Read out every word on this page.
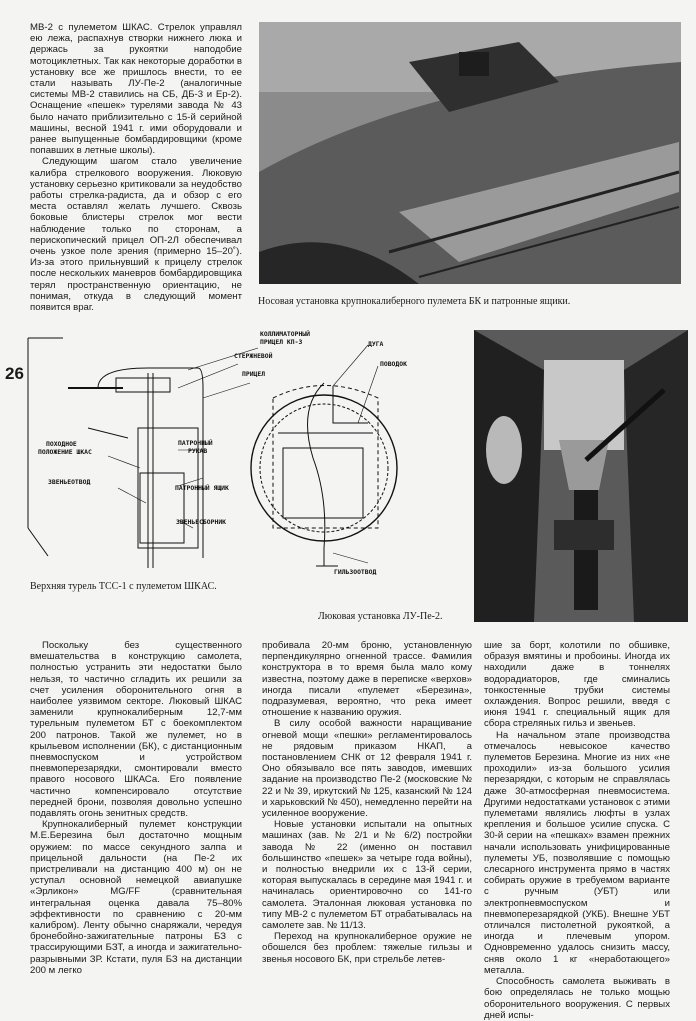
МВ-2 с пулеметом ШКАС. Стрелок управлял ею лежа, распахнув створки нижнего люка и держась за рукоятки наподобие мотоциклетных. Так как некоторые доработки в установку все же пришлось внести, то ее стали называть ЛУ-Пе-2 (аналогичные системы МВ-2 ставились на СБ, ДБ-3 и Ер-2). Оснащение «пешек» турелями завода № 43 было начато приблизительно с 15-й серийной машины, весной 1941 г. ими оборудовали и ранее выпущенные бомбардировщики (кроме попавших в летные школы).

Следующим шагом стало увеличение калибра стрелкового вооружения. Люковую установку серьезно критиковали за неудобство работы стрелка-радиста, да и обзор с его места оставлял желать лучшего. Сквозь боковые блистеры стрелок мог вести наблюдение только по сторонам, а перископический прицел ОП-2Л обеспечивал очень узкое поле зрения (примерно 15–20˚). Из-за этого прильнувший к прицелу стрелок после нескольких маневров бомбардировщика терял пространственную ориентацию, не понимая, откуда в следующий момент появится враг.

Носовая установка крупнокалиберного пулемета БК и патронные ящики.
26
КОЛЛИМАТОРНЫЙ
ПРИЦЕЛ КП-3
СТЕРЖНЕВОЙ
ПРИЦЕЛ
ПОХОДНОЕ
ПОЛОЖЕНИЕ ШКАС
ЗВЕНЬЕОТВОД
ПАТРОННЫЙ
РУКАВ
ПАТРОННЫЙ ЯЩИК
ЗВЕНЬЕСБОРНИК
ДУГА
ПОВОДОК
ГИЛЬЗООТВОД
Верхняя турель ТСС-1 с пулеметом ШКАС.
Люковая установка ЛУ-Пе-2.

Поскольку без существенного вмешательства в конструкцию самолета, полностью устранить эти недостатки было нельзя, то частично сгладить их решили за счет усиления оборонительного огня в наиболее уязвимом секторе. Люковый ШКАС заменили крупнокалиберным 12,7-мм турельным пулеметом БТ с боекомплектом 200 патронов. Такой же пулемет, но в крыльевом исполнении (БК), с дистанционным пневмоспуском и устройством пневмоперезарядки, смонтировали вместо правого носового ШКАСа. Его появление частично компенсировало отсутствие передней брони, позволяя довольно успешно подавлять огонь зенитных средств.

Крупнокалиберный пулемет конструкции М.Е.Березина был достаточно мощным оружием: по массе секундного залпа и прицельной дальности (на Пе-2 их пристреливали на дистанцию 400 м) он не уступал основной немецкой авиапушке «Эрликон» MG/FF (сравнительная интегральная оценка давала 75–80% эффективности по сравнению с 20-мм калибром). Ленту обычно снаряжали, чередуя бронебойно-зажигательные патроны БЗ с трассирующими БЗТ, а иногда и зажигательно-разрывными ЗР. Кстати, пуля БЗ на дистанции 200 м легко

пробивала 20-мм броню, установленную перпендикулярно огненной трассе. Фамилия конструктора в то время была мало кому известна, поэтому даже в переписке «верхов» иногда писали «пулемет «Березина», подразумевая, вероятно, что река имеет отношение к названию оружия.

В силу особой важности наращивание огневой мощи «пешки» регламентировалось не рядовым приказом НКАП, а постановлением СНК от 12 февраля 1941 г. Оно обязывало все пять заводов, имевших задание на производство Пе-2 (московские № 22 и № 39, иркутский № 125, казанский № 124 и харьковский № 450), немедленно перейти на усиленное вооружение.

Новые установки испытали на опытных машинах (зав. № 2/1 и № 6/2) постройки завода № 22 (именно он поставил большинство «пешек» за четыре года войны), и полностью внедрили их с 13-й серии, которая выпускалась в середине мая 1941 г. и начиналась ориентировочно со 141-го самолета. Эталонная люковая установка по типу МВ-2 с пулеметом БТ отрабатывалась на самолете зав. № 11/13.

Переход на крупнокалиберное оружие не обошелся без проблем: тяжелые гильзы и звенья носового БК, при стрельбе летев-

шие за борт, колотили по обшивке, образуя вмятины и пробоины. Иногда их находили даже в тоннелях водорадиаторов, где сминались тонкостенные трубки системы охлаждения. Вопрос решили, введя с июня 1941 г. специальный ящик для сбора стреляных гильз и звеньев.

На начальном этапе производства отмечалось невысокое качество пулеметов Березина. Многие из них «не проходили» из-за большого усилия перезарядки, с которым не справлялась даже 30-атмосферная пневмосистема. Другими недостатками установок с этими пулеметами являлись люфты в узлах крепления и большое усилие спуска. С 30-й серии на «пешках» взамен прежних начали использовать унифицированные пулеметы УБ, позволявшие с помощью слесарного инструмента прямо в частях собирать оружие в требуемом варианте с ручным (УБТ) или электропневмоспуском и пневмоперезарядкой (УКБ). Внешне УБТ отличался пистолетной рукояткой, а иногда и плечевым упором. Одновременно удалось снизить массу, сняв около 1 кг «неработающего» металла.

Способность самолета выживать в бою определялась не только мощью оборонительного вооружения. С первых дней испы-
